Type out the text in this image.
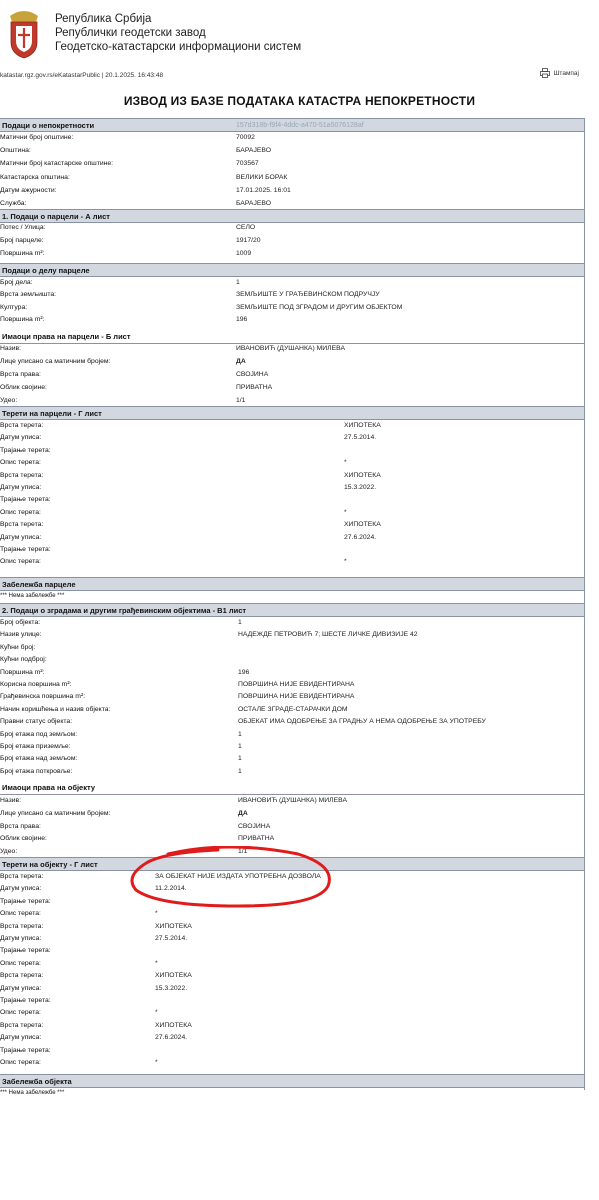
Република Србија
Републички геодетски завод
Геодетско-катастарски информациони систем
katastar.rgz.gov.rs/eKatastarPublic | 20.1.2025. 16:43:48	Штампај
ИЗВОД ИЗ БАЗЕ ПОДАТАКА КАТАСТРА НЕПОКРЕТНОСТИ
Подаци о непокретности	157d318b-f9f4-4ddc-a470-51a5076128af
Матични број општине:	70092
Општина:	БАРАЈЕВО
Матични број катастарске општине:	703567
Катастарска општина:	ВЕЛИКИ БОРАК
Датум ажурности:	17.01.2025. 16:01
Служба:	БАРАЈЕВО
1. Подаци о парцели - А лист
Потес / Улица:	СЕЛО
Број парцеле:	1917/20
Површина m²:	1009
Подаци о делу парцеле
Број дела:	1
Врста земљишта:	ЗЕМЉИШТЕ У ГРАЂЕВИНСКОМ ПОДРУЧЈУ
Култура:	ЗЕМЉИШТЕ ПОД ЗГРАДОМ И ДРУГИМ ОБЈЕКТОМ
Површина m²:	196
Имаоци права на парцели - Б лист
Назив:	ИВАНОВИЋ (ДУШАНКА) МИЛЕВА
Лице уписано са матичним бројем:	ДА
Врста права:	СВОЈИНА
Облик својине:	ПРИВАТНА
Удео:	1/1
Терети на парцели - Г лист
Врста терета:	ХИПОТЕКА
Датум уписа:	27.5.2014.
Трајање терета:
Опис терета:	*
Врста терета:	ХИПОТЕКА
Датум уписа:	15.3.2022.
Трајање терета:
Опис терета:	*
Врста терета:	ХИПОТЕКА
Датум уписа:	27.6.2024.
Трајање терета:
Опис терета:	*
Забележба парцеле
*** Нема забележбе ***
2. Подаци о зградама и другим грађевинским објектима - В1 лист
Број објекта:	1
Назив улице:	НАДЕЖДЕ ПЕТРОВИЋ 7; ШЕСТЕ ЛИЧКЕ ДИВИЗИЈЕ 42
Кућни број:
Кућни подброј:
Површина m²:	196
Корисна површина m²:	ПОВРШИНА НИЈЕ ЕВИДЕНТИРАНА
Грађевинска површина m²:	ПОВРШИНА НИЈЕ ЕВИДЕНТИРАНА
Начин коришћења и назив објекта:	ОСТАЛЕ ЗГРАДЕ-СТАРАЧКИ ДОМ
Правни статус објекта:	ОБЈЕКАТ ИМА ОДОБРЕЊЕ ЗА ГРАДЊУ А НЕМА ОДОБРЕЊЕ ЗА УПОТРЕБУ
Број етажа под земљом:	1
Број етажа приземље:	1
Број етажа над земљом:	1
Број етажа поткровље:	1
Имаоци права на објекту
Назив:	ИВАНОВИЋ (ДУШАНКА) МИЛЕВА
Лице уписано са матичним бројем:	ДА
Врста права:	СВОЈИНА
Облик својине:	ПРИВАТНА
Удео:	1/1
Терети на објекту - Г лист
Врста терета:	ЗА ОБЈЕКАТ НИЈЕ ИЗДАТА УПОТРЕБНА ДОЗВОЛА
Датум уписа:	11.2.2014.
Трајање терета:
Опис терета:	*
Врста терета:	ХИПОТЕКА
Датум уписа:	27.5.2014.
Трајање терета:
Опис терета:	*
Врста терета:	ХИПОТЕКА
Датум уписа:	15.3.2022.
Трајање терета:
Опис терета:	*
Врста терета:	ХИПОТЕКА
Датум уписа:	27.6.2024.
Трајање терета:
Опис терета:	*
Забележба објекта
*** Нема забележбе ***
